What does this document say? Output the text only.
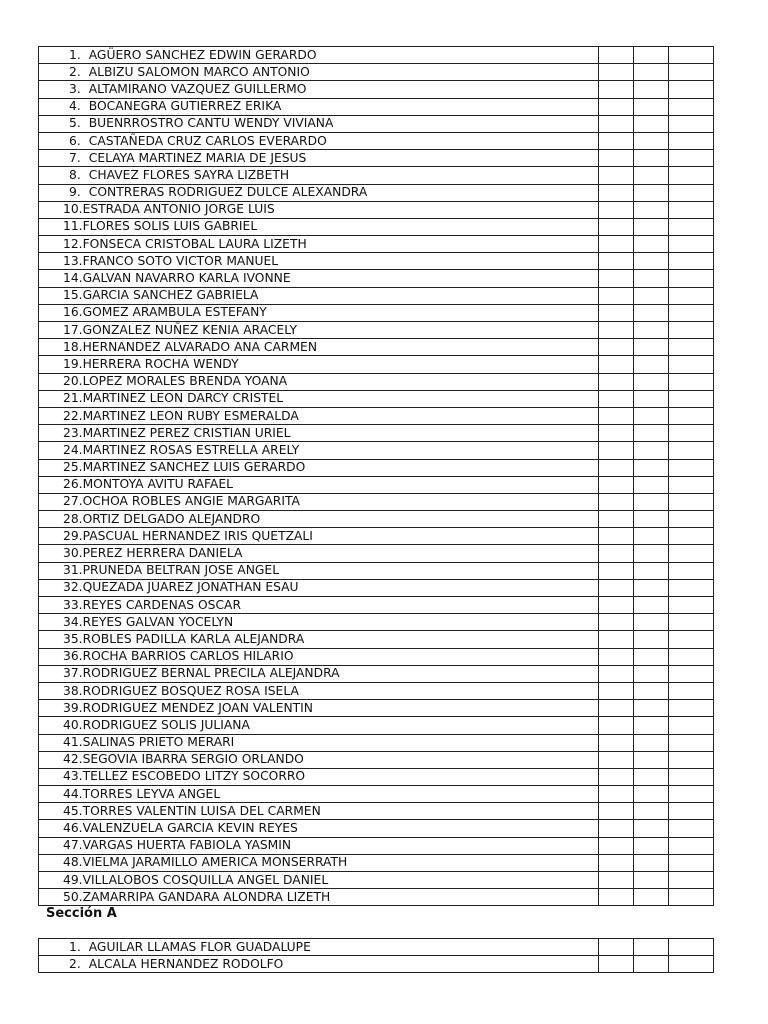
1. AGÜERO SANCHEZ EDWIN GERARDO			
2. ALBIZU SALOMON MARCO ANTONIO			
3. ALTAMIRANO VAZQUEZ GUILLERMO			
4. BOCANEGRA GUTIERREZ ERIKA			
5. BUENRROSTRO CANTU WENDY VIVIANA			
6. CASTAÑEDA CRUZ CARLOS EVERARDO			
7. CELAYA MARTINEZ MARIA DE JESUS			
8. CHAVEZ FLORES SAYRA LIZBETH			
9. CONTRERAS RODRIGUEZ DULCE ALEXANDRA			
10.ESTRADA ANTONIO JORGE LUIS			
11.FLORES SOLIS LUIS GABRIEL			
12.FONSECA CRISTOBAL LAURA LIZETH			
13.FRANCO SOTO VICTOR MANUEL			
14.GALVAN NAVARRO KARLA IVONNE			
15.GARCIA SANCHEZ GABRIELA			
16.GOMEZ ARAMBULA ESTEFANY			
17.GONZALEZ NUÑEZ KENIA ARACELY			
18.HERNANDEZ ALVARADO ANA CARMEN			
19.HERRERA ROCHA WENDY			
20.LOPEZ MORALES BRENDA YOANA			
21.MARTINEZ LEON DARCY CRISTEL			
22.MARTINEZ LEON RUBY ESMERALDA			
23.MARTINEZ PEREZ CRISTIAN URIEL			
24.MARTINEZ ROSAS ESTRELLA ARELY			
25.MARTINEZ SANCHEZ LUIS GERARDO			
26.MONTOYA AVITU RAFAEL			
27.OCHOA ROBLES ANGIE MARGARITA			
28.ORTIZ DELGADO ALEJANDRO			
29.PASCUAL HERNANDEZ IRIS QUETZALI			
30.PEREZ HERRERA DANIELA			
31.PRUNEDA BELTRAN JOSE ANGEL			
32.QUEZADA JUAREZ JONATHAN ESAU			
33.REYES CARDENAS OSCAR			
34.REYES GALVAN YOCELYN			
35.ROBLES PADILLA KARLA ALEJANDRA			
36.ROCHA BARRIOS CARLOS HILARIO			
37.RODRIGUEZ BERNAL PRECILA ALEJANDRA			
38.RODRIGUEZ BOSQUEZ ROSA ISELA			
39.RODRIGUEZ MENDEZ JOAN VALENTIN			
40.RODRIGUEZ SOLIS JULIANA			
41.SALINAS PRIETO MERARI			
42.SEGOVIA IBARRA SERGIO ORLANDO			
43.TELLEZ ESCOBEDO LITZY SOCORRO			
44.TORRES LEYVA ANGEL			
45.TORRES VALENTIN LUISA DEL CARMEN			
46.VALENZUELA GARCIA KEVIN REYES			
47.VARGAS HUERTA FABIOLA YASMIN			
48.VIELMA JARAMILLO AMERICA MONSERRATH			
49.VILLALOBOS COSQUILLA ANGEL DANIEL			
50.ZAMARRIPA GANDARA ALONDRA LIZETH			
Sección A
1. AGUILAR LLAMAS FLOR GUADALUPE			
2. ALCALA HERNANDEZ RODOLFO			
